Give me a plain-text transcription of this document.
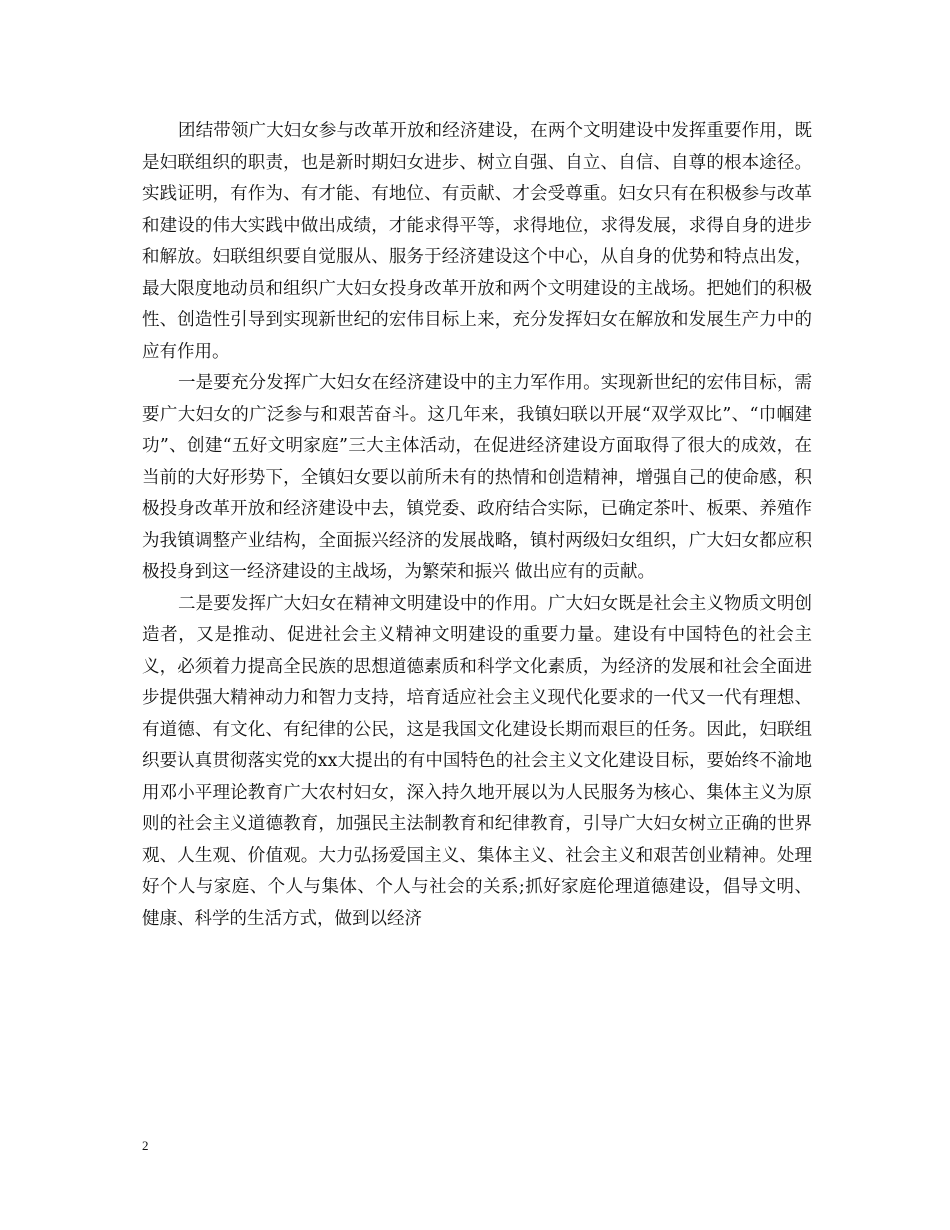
团结带领广大妇女参与改革开放和经济建设，在两个文明建设中发挥重要作用，既是妇联组织的职责，也是新时期妇女进步、树立自强、自立、自信、自尊的根本途径。实践证明，有作为、有才能、有地位、有贡献、才会受尊重。妇女只有在积极参与改革和建设的伟大实践中做出成绩，才能求得平等，求得地位，求得发展，求得自身的进步和解放。妇联组织要自觉服从、服务于经济建设这个中心，从自身的优势和特点出发，最大限度地动员和组织广大妇女投身改革开放和两个文明建设的主战场。把她们的积极性、创造性引导到实现新世纪的宏伟目标上来，充分发挥妇女在解放和发展生产力中的应有作用。

一是要充分发挥广大妇女在经济建设中的主力军作用。实现新世纪的宏伟目标，需要广大妇女的广泛参与和艰苦奋斗。这几年来，我镇妇联以开展“双学双比”、“巾帼建功”、创建“五好文明家庭”三大主体活动，在促进经济建设方面取得了很大的成效，在当前的大好形势下，全镇妇女要以前所未有的热情和创造精神，增强自己的使命感，积极投身改革开放和经济建设中去，镇党委、政府结合实际，已确定茶叶、板栗、养殖作为我镇调整产业结构，全面振兴经济的发展战略，镇村两级妇女组织，广大妇女都应积极投身到这一经济建设的主战场，为繁荣和振兴 做出应有的贡献。

二是要发挥广大妇女在精神文明建设中的作用。广大妇女既是社会主义物质文明创造者，又是推动、促进社会主义精神文明建设的重要力量。建设有中国特色的社会主义，必须着力提高全民族的思想道德素质和科学文化素质，为经济的发展和社会全面进步提供强大精神动力和智力支持，培育适应社会主义现代化要求的一代又一代有理想、有道德、有文化、有纪律的公民，这是我国文化建设长期而艰巨的任务。因此，妇联组织要认真贯彻落实党的xx大提出的有中国特色的社会主义文化建设目标，要始终不渝地用邓小平理论教育广大农村妇女，深入持久地开展以为人民服务为核心、集体主义为原则的社会主义道德教育，加强民主法制教育和纪律教育，引导广大妇女树立正确的世界观、人生观、价值观。大力弘扬爱国主义、集体主义、社会主义和艰苦创业精神。处理好个人与家庭、个人与集体、个人与社会的关系;抓好家庭伦理道德建设，倡导文明、健康、科学的生活方式，做到以经济

2
